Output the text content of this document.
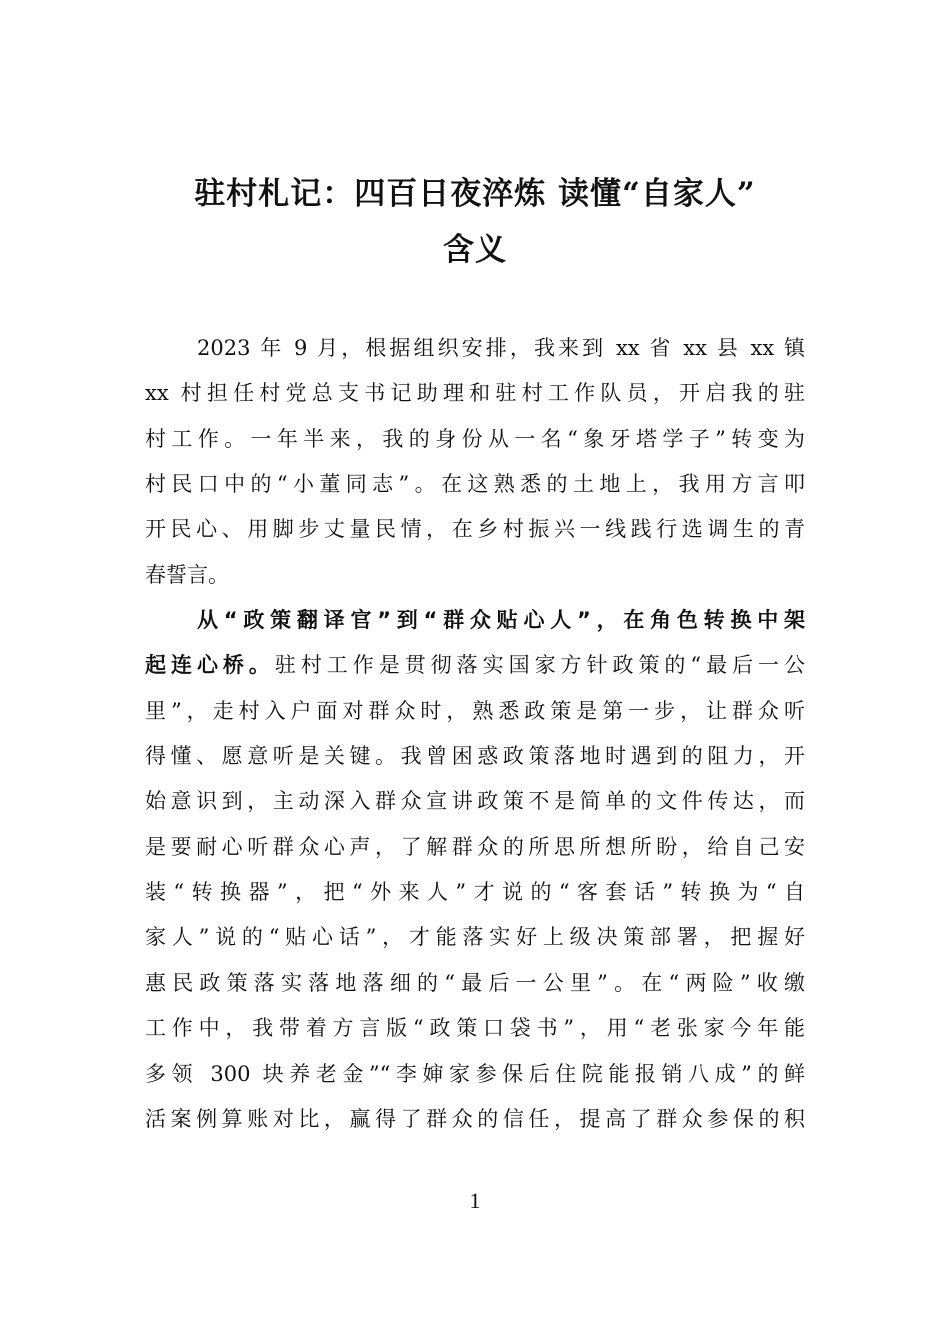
驻村札记：四百日夜淬炼 读懂“自家人”
含义
2023 年 9 月，根据组织安排，我来到 xx 省 xx 县 xx 镇
xx 村担任村党总支书记助理和驻村工作队员，开启我的驻
村工作。一年半来，我的身份从一名“象牙塔学子”转变为
村民口中的“小董同志”。在这熟悉的土地上，我用方言叩
开民心、用脚步丈量民情，在乡村振兴一线践行选调生的青
春誓言。
从“政策翻译官”到“群众贴心人”，在角色转换中架
起连心桥。驻村工作是贯彻落实国家方针政策的“最后一公
里”，走村入户面对群众时，熟悉政策是第一步，让群众听
得懂、愿意听是关键。我曾困惑政策落地时遇到的阻力，开
始意识到，主动深入群众宣讲政策不是简单的文件传达，而
是要耐心听群众心声，了解群众的所思所想所盼，给自己安
装“转换器”，把“外来人”才说的“客套话”转换为“自
家人”说的“贴心话”，才能落实好上级决策部署，把握好
惠民政策落实落地落细的“最后一公里”。在“两险”收缴
工作中，我带着方言版“政策口袋书”，用“老张家今年能
多领 300 块养老金”“李婶家参保后住院能报销八成”的鲜
活案例算账对比，赢得了群众的信任，提高了群众参保的积
1
